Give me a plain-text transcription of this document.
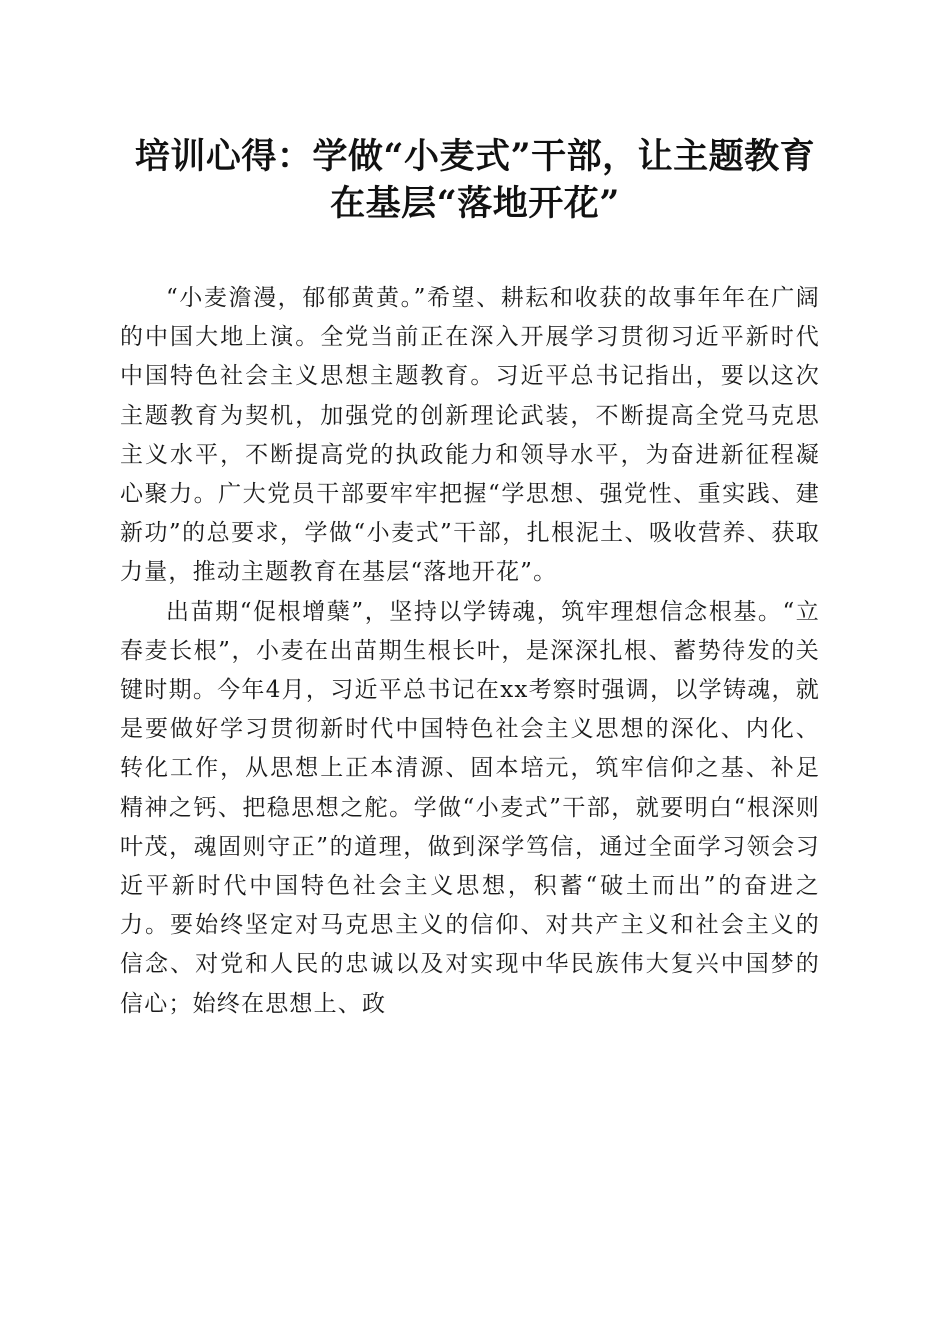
培训心得：学做“小麦式”干部，让主题教育
在基层“落地开花”

“小麦澹漫，郁郁黄黄。”希望、耕耘和收获的故事年年在广阔的中国大地上演。全党当前正在深入开展学习贯彻习近平新时代中国特色社会主义思想主题教育。习近平总书记指出，要以这次主题教育为契机，加强党的创新理论武装，不断提高全党马克思主义水平，不断提高党的执政能力和领导水平，为奋进新征程凝心聚力。广大党员干部要牢牢把握“学思想、强党性、重实践、建新功”的总要求，学做“小麦式”干部，扎根泥土、吸收营养、获取力量，推动主题教育在基层“落地开花”。

出苗期“促根增蘖”，坚持以学铸魂，筑牢理想信念根基。“立春麦长根”，小麦在出苗期生根长叶，是深深扎根、蓄势待发的关键时期。今年4月，习近平总书记在xx考察时强调，以学铸魂，就是要做好学习贯彻新时代中国特色社会主义思想的深化、内化、转化工作，从思想上正本清源、固本培元，筑牢信仰之基、补足精神之钙、把稳思想之舵。学做“小麦式”干部，就要明白“根深则叶茂，魂固则守正”的道理，做到深学笃信，通过全面学习领会习近平新时代中国特色社会主义思想，积蓄“破土而出”的奋进之力。要始终坚定对马克思主义的信仰、对共产主义和社会主义的信念、对党和人民的忠诚以及对实现中华民族伟大复兴中国梦的信心；始终在思想上、政
